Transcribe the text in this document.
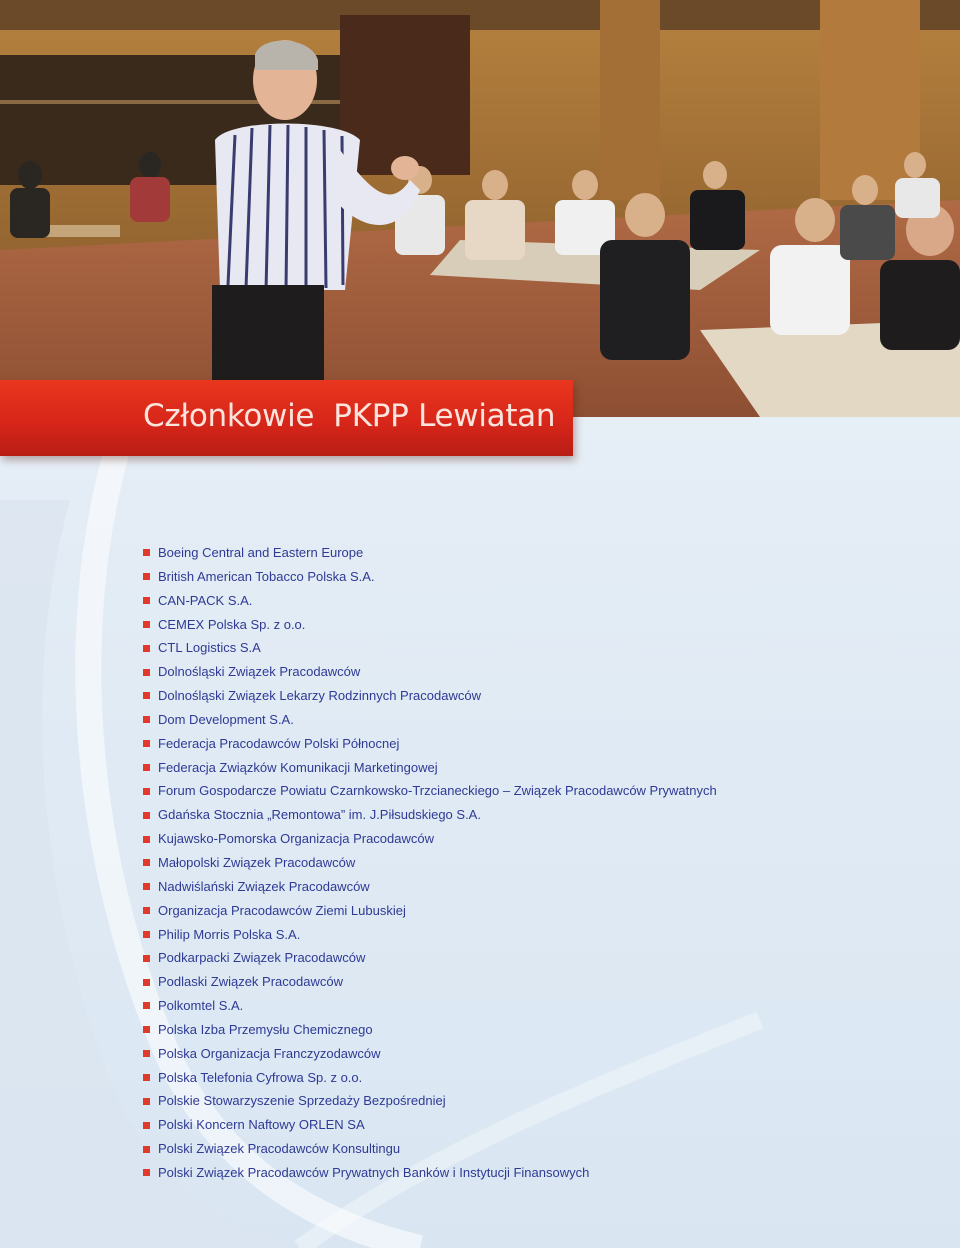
Członkowie  PKPP Lewiatan
Boeing Central and Eastern Europe
British American Tobacco Polska S.A.
CAN-PACK S.A.
CEMEX Polska Sp. z o.o.
CTL Logistics S.A
Dolnośląski Związek Pracodawców
Dolnośląski Związek Lekarzy Rodzinnych Pracodawców
Dom Development S.A.
Federacja Pracodawców Polski Północnej
Federacja Związków Komunikacji Marketingowej
Forum Gospodarcze Powiatu Czarnkowsko-Trzcianeckiego – Związek Pracodawców Prywatnych
Gdańska Stocznia „Remontowa” im. J.Piłsudskiego S.A.
Kujawsko-Pomorska Organizacja Pracodawców
Małopolski Związek Pracodawców
Nadwiślański Związek Pracodawców
Organizacja Pracodawców Ziemi Lubuskiej
Philip Morris Polska S.A.
Podkarpacki Związek Pracodawców
Podlaski Związek Pracodawców
Polkomtel S.A.
Polska Izba Przemysłu Chemicznego
Polska Organizacja Franczyzodawców
Polska Telefonia Cyfrowa Sp. z o.o.
Polskie Stowarzyszenie Sprzedaży Bezpośredniej
Polski Koncern Naftowy ORLEN SA
Polski Związek Pracodawców Konsultingu
Polski Związek Pracodawców Prywatnych Banków i Instytucji Finansowych
